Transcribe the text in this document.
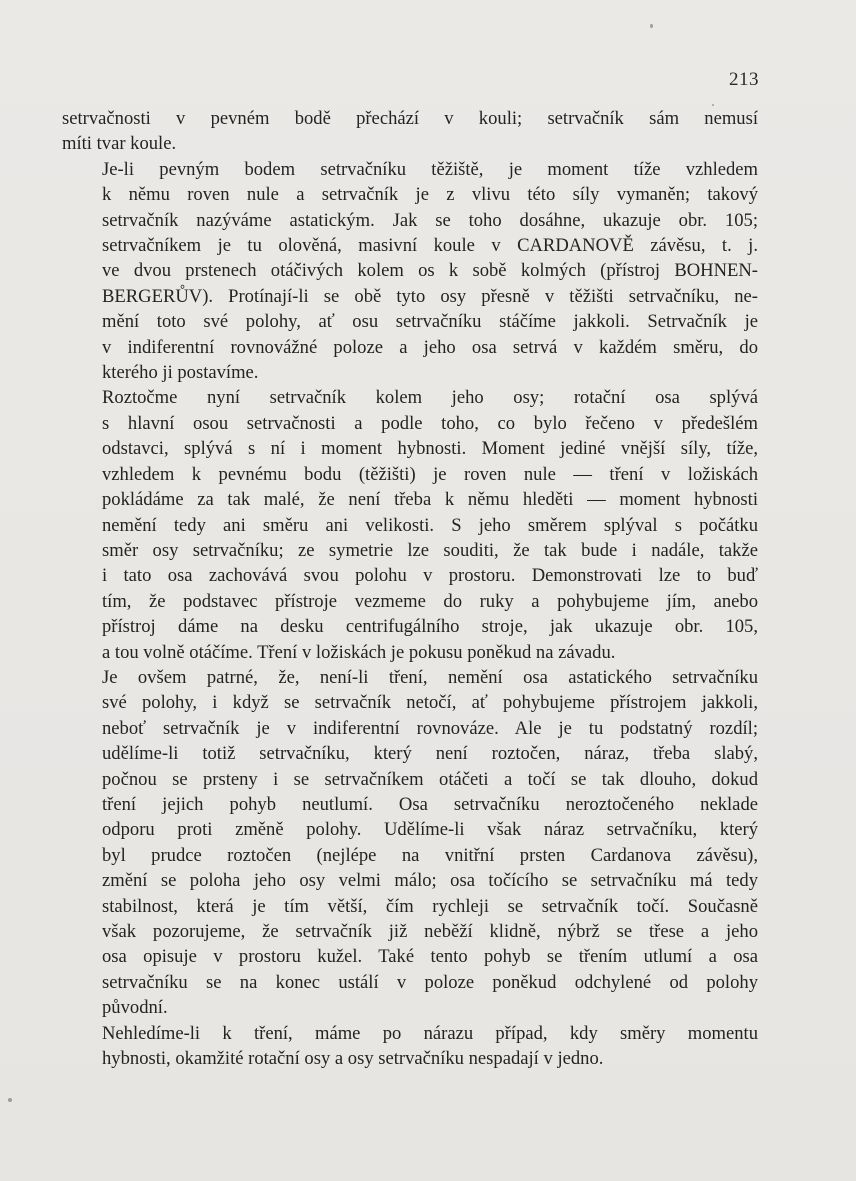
213

setrvačnosti v pevném bodě přechází v kouli; setrvačník sám nemusí
míti tvar koule.

Je-li pevným bodem setrvačníku těžiště, je moment tíže vzhledem
k němu roven nule a setrvačník je z vlivu této síly vymaněn; takový
setrvačník nazýváme astatickým. Jak se toho dosáhne, ukazuje obr. 105;
setrvačníkem je tu olověná, masivní koule v CARDANOVĚ závěsu, t. j.
ve dvou prstenech otáčivých kolem os k sobě kolmých (přístroj BOHNEN-
BERGERŮV). Protínají-li se obě tyto osy přesně v těžišti setrvačníku, ne-
mění toto své polohy, ať osu setrvačníku stáčíme jakkoli. Setrvačník je
v indiferentní rovnovážné poloze a jeho osa setrvá v každém směru, do
kterého ji postavíme.

Roztočme nyní setrvačník kolem jeho osy; rotační osa splývá
s hlavní osou setrvačnosti a podle toho, co bylo řečeno v předešlém
odstavci, splývá s ní i moment hybnosti. Moment jediné vnější síly, tíže,
vzhledem k pevnému bodu (těžišti) je roven nule — tření v ložiskách
pokládáme za tak malé, že není třeba k němu hleděti — moment hybnosti
nemění tedy ani směru ani velikosti. S jeho směrem splýval s počátku
směr osy setrvačníku; ze symetrie lze souditi, že tak bude i nadále, takže
i tato osa zachovává svou polohu v prostoru. Demonstrovati lze to buď
tím, že podstavec přístroje vezmeme do ruky a pohybujeme jím, anebo
přístroj dáme na desku centrifugálního stroje, jak ukazuje obr. 105,
a tou volně otáčíme. Tření v ložiskách je pokusu poněkud na závadu.

Je ovšem patrné, že, není-li tření, nemění osa astatického setrvačníku
své polohy, i když se setrvačník netočí, ať pohybujeme přístrojem jakkoli,
neboť setrvačník je v indiferentní rovnováze. Ale je tu podstatný rozdíl;
udělíme-li totiž setrvačníku, který není roztočen, náraz, třeba slabý,
počnou se prsteny i se setrvačníkem otáčeti a točí se tak dlouho, dokud
tření jejich pohyb neutlumí. Osa setrvačníku neroztočeného neklade
odporu proti změně polohy. Udělíme-li však náraz setrvačníku, který
byl prudce roztočen (nejlépe na vnitřní prsten Cardanova závěsu),
změní se poloha jeho osy velmi málo; osa točícího se setrvačníku má tedy
stabilnost, která je tím větší, čím rychleji se setrvačník točí. Současně
však pozorujeme, že setrvačník již neběží klidně, nýbrž se třese a jeho
osa opisuje v prostoru kužel. Také tento pohyb se třením utlumí a osa
setrvačníku se na konec ustálí v poloze poněkud odchylené od polohy
původní.

Nehledíme-li k tření, máme po nárazu případ, kdy směry momentu
hybnosti, okamžité rotační osy a osy setrvačníku nespadají v jedno.
